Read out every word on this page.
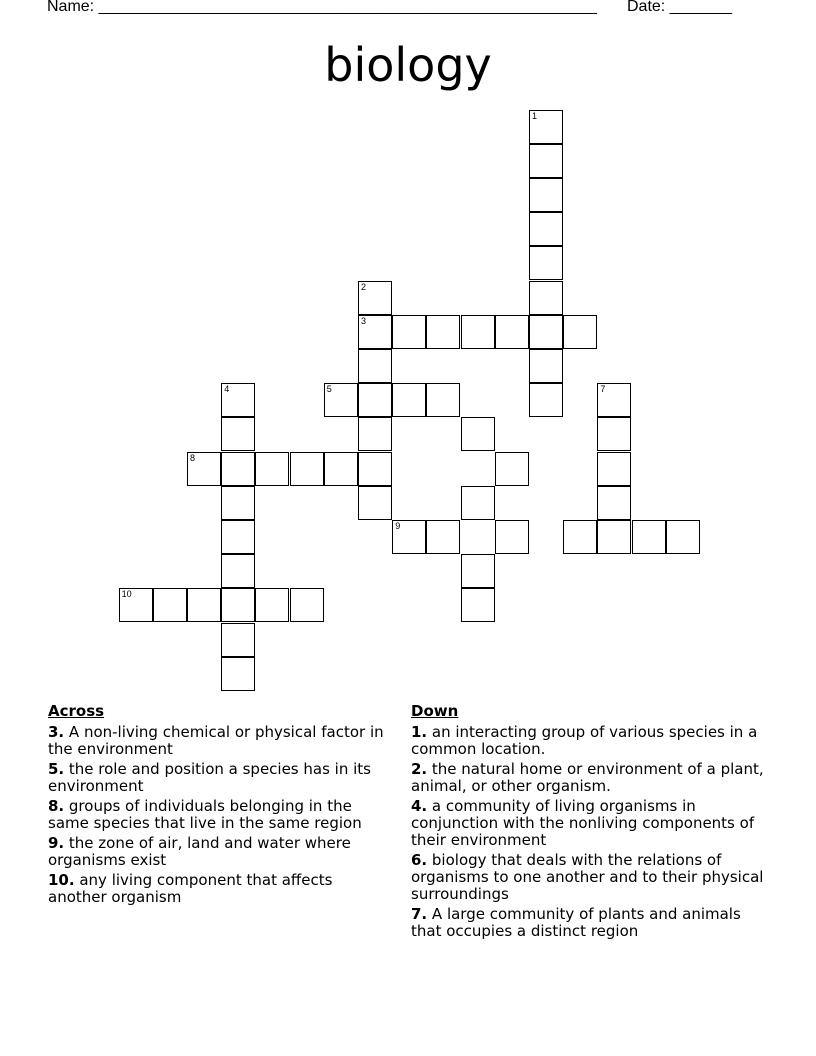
Name: ________________________________________________________ Date: _______
biology
1
2
3
5
4
8
7
9
10
Across
3. A non-living chemical or physical factor in the environment
5. the role and position a species has in its environment
8. groups of individuals belonging in the same species that live in the same region
9. the zone of air, land and water where organisms exist
10. any living component that affects another organism
Down
1. an interacting group of various species in a common location.
2. the natural home or environment of a plant, animal, or other organism.
4. a community of living organisms in conjunction with the nonliving components of their environment
6. biology that deals with the relations of organisms to one another and to their physical surroundings
7. A large community of plants and animals that occupies a distinct region
